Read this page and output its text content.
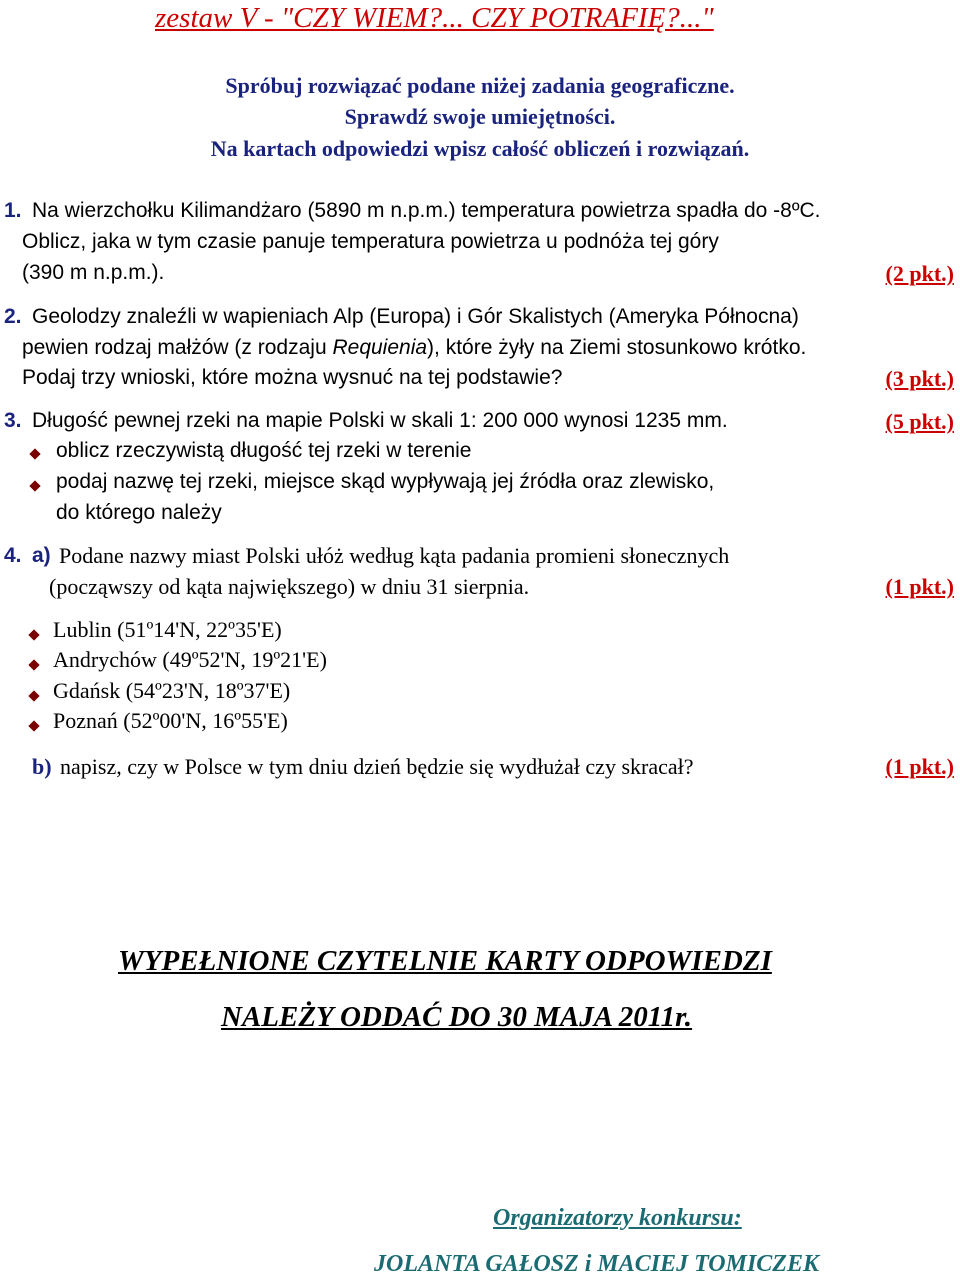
zestaw V - "CZY WIEM?... CZY POTRAFIĘ?..."
Spróbuj rozwiązać podane niżej zadania geograficzne.
Sprawdź swoje umiejętności.
Na kartach odpowiedzi wpisz całość obliczeń i rozwiązań.
1. Na wierzchołku Kilimandżaro (5890 m n.p.m.) temperatura powietrza spadła do -8ºC.
Oblicz, jaka w tym czasie panuje temperatura powietrza u podnóża tej góry
(390 m n.p.m.).	(2 pkt.)
2. Geolodzy znaleźli w wapieniach Alp (Europa) i Gór Skalistych (Ameryka Północna)
pewien rodzaj małżów (z rodzaju Requienia), które żyły na Ziemi stosunkowo krótko.
Podaj trzy wnioski, które można wysnuć na tej podstawie?	(3 pkt.)
3. Długość pewnej rzeki na mapie Polski w skali 1: 200 000 wynosi 1235 mm.	(5 pkt.)
oblicz rzeczywistą długość tej rzeki w terenie
podaj nazwę tej rzeki, miejsce skąd wypływają jej źródła oraz zlewisko,
do którego należy
4. a) Podane nazwy miast Polski ułóż według kąta padania promieni słonecznych
(począwszy od kąta największego) w dniu 31 sierpnia.	(1 pkt.)
Lublin (51º14'N, 22º35'E)
Andrychów (49º52'N, 19º21'E)
Gdańsk (54º23'N, 18º37'E)
Poznań (52º00'N, 16º55'E)
b) napisz, czy w Polsce w tym dniu dzień będzie się wydłużał czy skracał?	(1 pkt.)
WYPEŁNIONE CZYTELNIE KARTY ODPOWIEDZI
NALEŻY ODDAĆ DO 30 MAJA 2011r.
Organizatorzy konkursu:
JOLANTA GAŁOSZ i MACIEJ TOMICZEK
